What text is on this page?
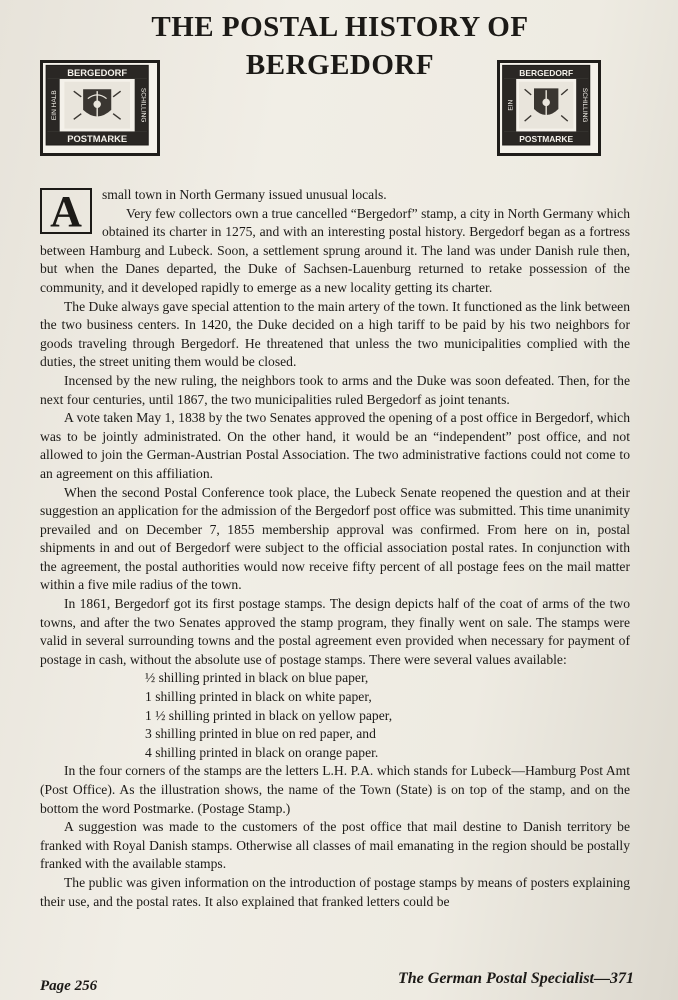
THE POSTAL HISTORY OF
BERGEDORF
BERGEDORF
POSTMARKE
EIN HALB	SCHILLING
BERGEDORF
POSTMARKE
EIN	SCHILLING
A	small town in North Germany issued unusual locals.

Very few collectors own a true cancelled “Bergedorf” stamp, a city in North Germany which obtained its charter in 1275, and with an interesting postal history. Bergedorf began as a fortress between Hamburg and Lubeck. Soon, a settlement sprung around it. The land was under Danish rule then, but when the Danes departed, the Duke of Sachsen-Lauenburg returned to retake possession of the community, and it developed rapidly to emerge as a new locality getting its charter.

The Duke always gave special attention to the main artery of the town. It functioned as the link between the two business centers. In 1420, the Duke decided on a high tariff to be paid by his two neighbors for goods traveling through Bergedorf. He threatened that unless the two municipalities complied with the duties, the street uniting them would be closed.

Incensed by the new ruling, the neighbors took to arms and the Duke was soon defeated. Then, for the next four centuries, until 1867, the two municipalities ruled Bergedorf as joint tenants.

A vote taken May 1, 1838 by the two Senates approved the opening of a post office in Bergedorf, which was to be jointly administrated. On the other hand, it would be an “independent” post office, and not allowed to join the German-Austrian Postal Association. The two administrative factions could not come to an agreement on this affiliation.

When the second Postal Conference took place, the Lubeck Senate reopened the question and at their suggestion an application for the admission of the Bergedorf post office was submitted. This time unanimity prevailed and on December 7, 1855 membership approval was confirmed. From here on in, postal shipments in and out of Bergedorf were subject to the official association postal rates. In conjunction with the agreement, the postal authorities would now receive fifty percent of all postage fees on the mail matter within a five mile radius of the town.

In 1861, Bergedorf got its first postage stamps. The design depicts half of the coat of arms of the two towns, and after the two Senates approved the stamp program, they finally went on sale. The stamps were valid in several surrounding towns and the postal agreement even provided when necessary for payment of postage in cash, without the absolute use of postage stamps. There were several values available:

½ shilling printed in black on blue paper,
1 shilling printed in black on white paper,
1 ½ shilling printed in black on yellow paper,
3 shilling printed in blue on red paper, and
4 shilling printed in black on orange paper.

In the four corners of the stamps are the letters L.H. P.A. which stands for Lubeck—Hamburg Post Amt (Post Office). As the illustration shows, the name of the Town (State) is on top of the stamp, and on the bottom the word Postmarke. (Postage Stamp.)

A suggestion was made to the customers of the post office that mail destine to Danish territory be franked with Royal Danish stamps. Otherwise all classes of mail emanating in the region should be postally franked with the available stamps.

The public was given information on the introduction of postage stamps by means of posters explaining their use, and the postal rates. It also explained that franked letters could be

Page 256	The German Postal Specialist—371
